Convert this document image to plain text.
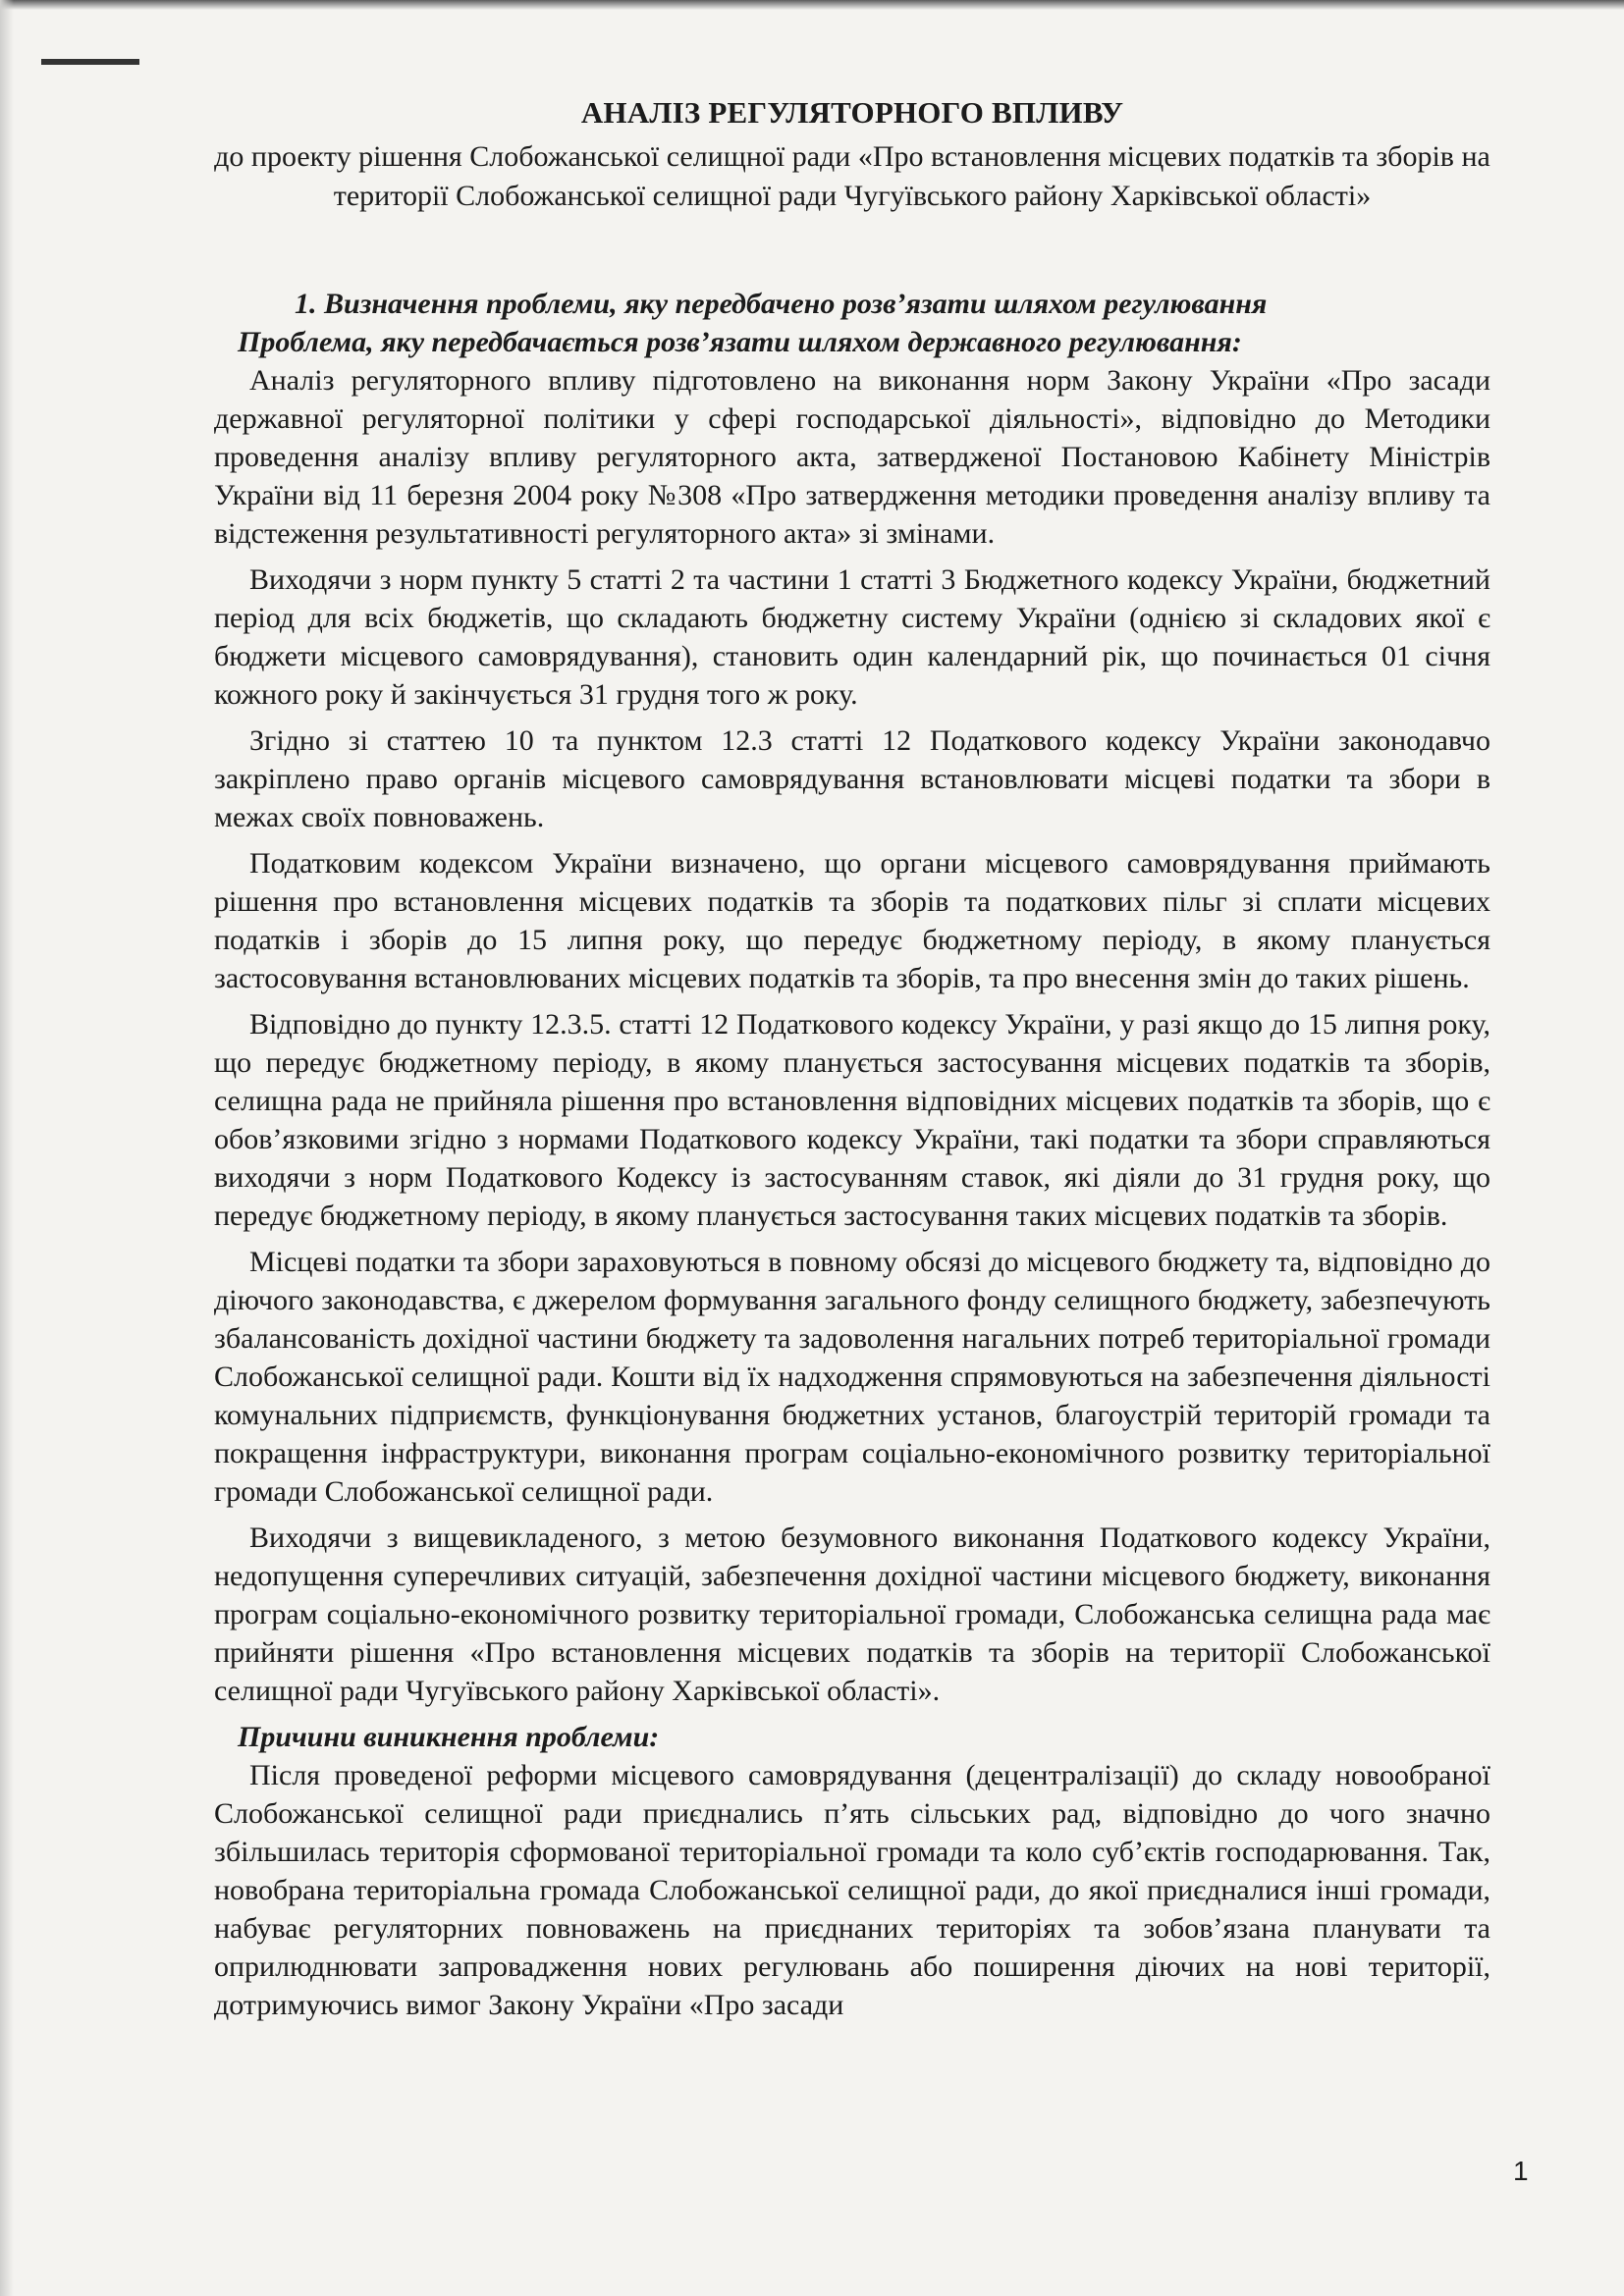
АНАЛІЗ РЕГУЛЯТОРНОГО ВПЛИВУ

до проекту рішення Слобожанської селищної ради «Про встановлення місцевих податків та зборів на території Слобожанської селищної ради Чугуївського району Харківської області»

1. Визначення проблеми, яку передбачено розв’язати шляхом регулювання

Проблема, яку передбачається розв’язати шляхом державного регулювання:

Аналіз регуляторного впливу підготовлено на виконання норм Закону України «Про засади державної регуляторної політики у сфері господарської діяльності», відповідно до Методики проведення аналізу впливу регуляторного акта, затвердженої Постановою Кабінету Міністрів України від 11 березня 2004 року №308 «Про затвердження методики проведення аналізу впливу та відстеження результативності регуляторного акта» зі змінами.

Виходячи з норм пункту 5 статті 2 та частини 1 статті 3 Бюджетного кодексу України, бюджетний період для всіх бюджетів, що складають бюджетну систему України (однією зі складових якої є бюджети місцевого самоврядування), становить один календарний рік, що починається 01 січня кожного року й закінчується 31 грудня того ж року.

Згідно зі статтею 10 та пунктом 12.3 статті 12 Податкового кодексу України законодавчо закріплено право органів місцевого самоврядування встановлювати місцеві податки та збори в межах своїх повноважень.

Податковим кодексом України визначено, що органи місцевого самоврядування приймають рішення про встановлення місцевих податків та зборів та податкових пільг зі сплати місцевих податків і зборів до 15 липня року, що передує бюджетному періоду, в якому планується застосовування встановлюваних місцевих податків та зборів, та про внесення змін до таких рішень.

Відповідно до пункту 12.3.5. статті 12 Податкового кодексу України, у разі якщо до 15 липня року, що передує бюджетному періоду, в якому планується застосування місцевих податків та зборів, селищна рада не прийняла рішення про встановлення відповідних місцевих податків та зборів, що є обов’язковими згідно з нормами Податкового кодексу України, такі податки та збори справляються виходячи з норм Податкового Кодексу із застосуванням ставок, які діяли до 31 грудня року, що передує бюджетному періоду, в якому планується застосування таких місцевих податків та зборів.

Місцеві податки та збори зараховуються в повному обсязі до місцевого бюджету та, відповідно до діючого законодавства, є джерелом формування загального фонду селищного бюджету, забезпечують збалансованість дохідної частини бюджету та задоволення нагальних потреб територіальної громади Слобожанської селищної ради. Кошти від їх надходження спрямовуються на забезпечення діяльності комунальних підприємств, функціонування бюджетних установ, благоустрій територій громади та покращення інфраструктури, виконання програм соціально-економічного розвитку територіальної громади Слобожанської селищної ради.

Виходячи з вищевикладеного, з метою безумовного виконання Податкового кодексу України, недопущення суперечливих ситуацій, забезпечення дохідної частини місцевого бюджету, виконання програм соціально-економічного розвитку територіальної громади, Слобожанська селищна рада має прийняти рішення «Про встановлення місцевих податків та зборів на території Слобожанської селищної ради Чугуївського району Харківської області».

Причини виникнення проблеми:

Після проведеної реформи місцевого самоврядування (децентралізації) до складу новообраної Слобожанської селищної ради приєднались п’ять сільських рад, відповідно до чого значно збільшилась територія сформованої територіальної громади та коло суб’єктів господарювання. Так, новобрана територіальна громада Слобожанської селищної ради, до якої приєдналися інші громади, набуває регуляторних повноважень на приєднаних територіях та зобов’язана планувати та оприлюднювати запровадження нових регулювань або поширення діючих на нові території, дотримуючись вимог Закону України «Про засади

1
